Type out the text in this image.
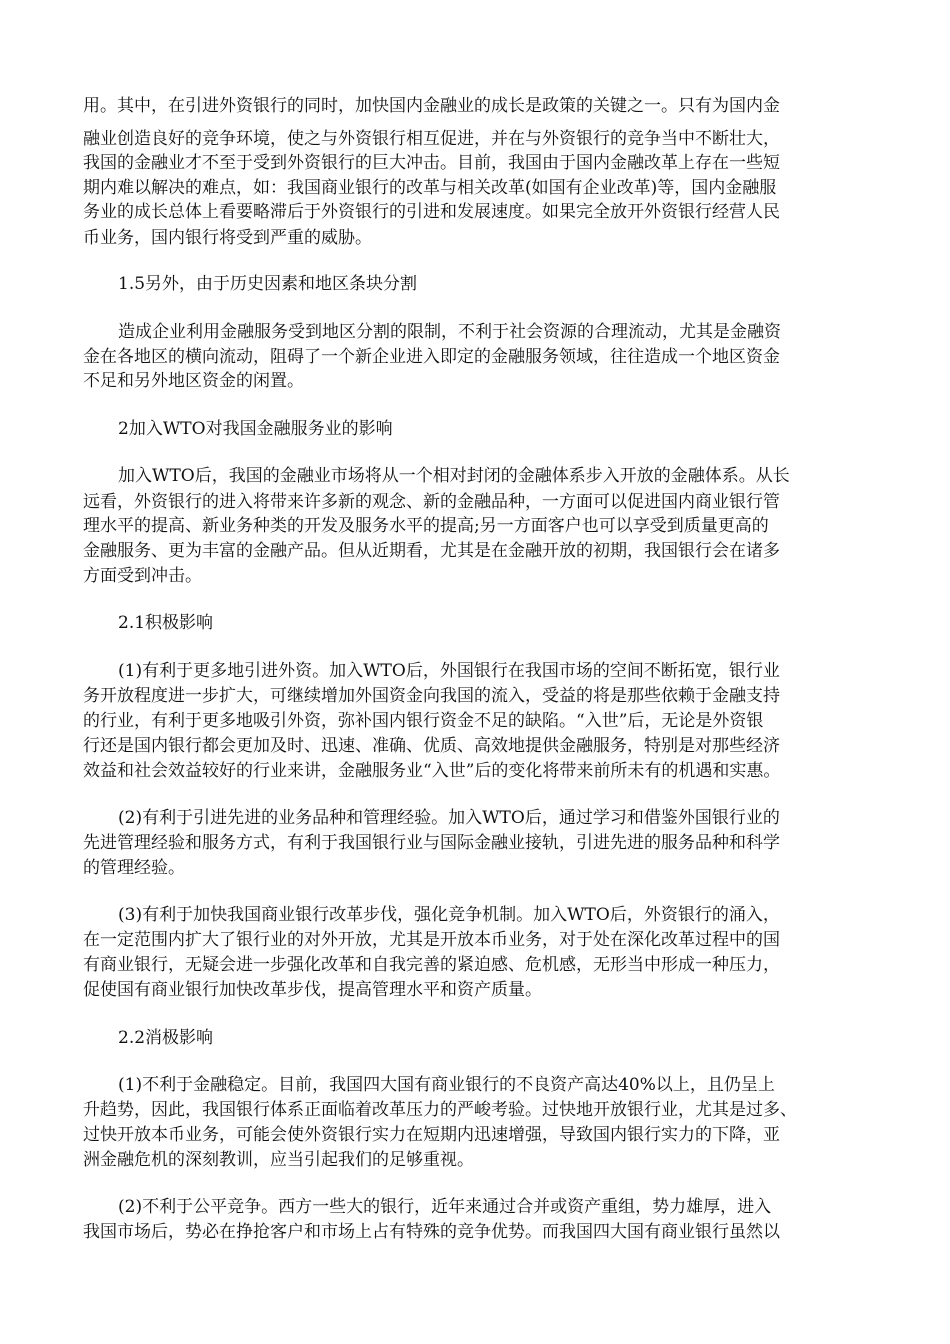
用。其中，在引进外资银行的同时，加快国内金融业的成长是政策的关键之一。只有为国内金
融业创造良好的竞争环境，使之与外资银行相互促进，并在与外资银行的竞争当中不断壮大，
我国的金融业才不至于受到外资银行的巨大冲击。目前，我国由于国内金融改革上存在一些短
期内难以解决的难点，如：我国商业银行的改革与相关改革(如国有企业改革)等，国内金融服
务业的成长总体上看要略滞后于外资银行的引进和发展速度。如果完全放开外资银行经营人民
币业务，国内银行将受到严重的威胁。
1.5另外，由于历史因素和地区条块分割
造成企业利用金融服务受到地区分割的限制，不利于社会资源的合理流动，尤其是金融资
金在各地区的横向流动，阻碍了一个新企业进入即定的金融服务领域，往往造成一个地区资金
不足和另外地区资金的闲置。
2加入WTO对我国金融服务业的影响
加入WTO后，我国的金融业市场将从一个相对封闭的金融体系步入开放的金融体系。从长
远看，外资银行的进入将带来许多新的观念、新的金融品种，一方面可以促进国内商业银行管
理水平的提高、新业务种类的开发及服务水平的提高;另一方面客户也可以享受到质量更高的
金融服务、更为丰富的金融产品。但从近期看，尤其是在金融开放的初期，我国银行会在诸多
方面受到冲击。
2.1积极影响
(1)有利于更多地引进外资。加入WTO后，外国银行在我国市场的空间不断拓宽，银行业
务开放程度进一步扩大，可继续增加外国资金向我国的流入，受益的将是那些依赖于金融支持
的行业，有利于更多地吸引外资，弥补国内银行资金不足的缺陷。“入世”后，无论是外资银
行还是国内银行都会更加及时、迅速、准确、优质、高效地提供金融服务，特别是对那些经济
效益和社会效益较好的行业来讲，金融服务业“入世”后的变化将带来前所未有的机遇和实惠。
(2)有利于引进先进的业务品种和管理经验。加入WTO后，通过学习和借鉴外国银行业的
先进管理经验和服务方式，有利于我国银行业与国际金融业接轨，引进先进的服务品种和科学
的管理经验。
(3)有利于加快我国商业银行改革步伐，强化竞争机制。加入WTO后，外资银行的涌入，
在一定范围内扩大了银行业的对外开放，尤其是开放本币业务，对于处在深化改革过程中的国
有商业银行，无疑会进一步强化改革和自我完善的紧迫感、危机感，无形当中形成一种压力，
促使国有商业银行加快改革步伐，提高管理水平和资产质量。
2.2消极影响
(1)不利于金融稳定。目前，我国四大国有商业银行的不良资产高达40%以上，且仍呈上
升趋势，因此，我国银行体系正面临着改革压力的严峻考验。过快地开放银行业，尤其是过多、
过快开放本币业务，可能会使外资银行实力在短期内迅速增强，导致国内银行实力的下降，亚
洲金融危机的深刻教训，应当引起我们的足够重视。
(2)不利于公平竞争。西方一些大的银行，近年来通过合并或资产重组，势力雄厚，进入
我国市场后，势必在挣抢客户和市场上占有特殊的竞争优势。而我国四大国有商业银行虽然以
